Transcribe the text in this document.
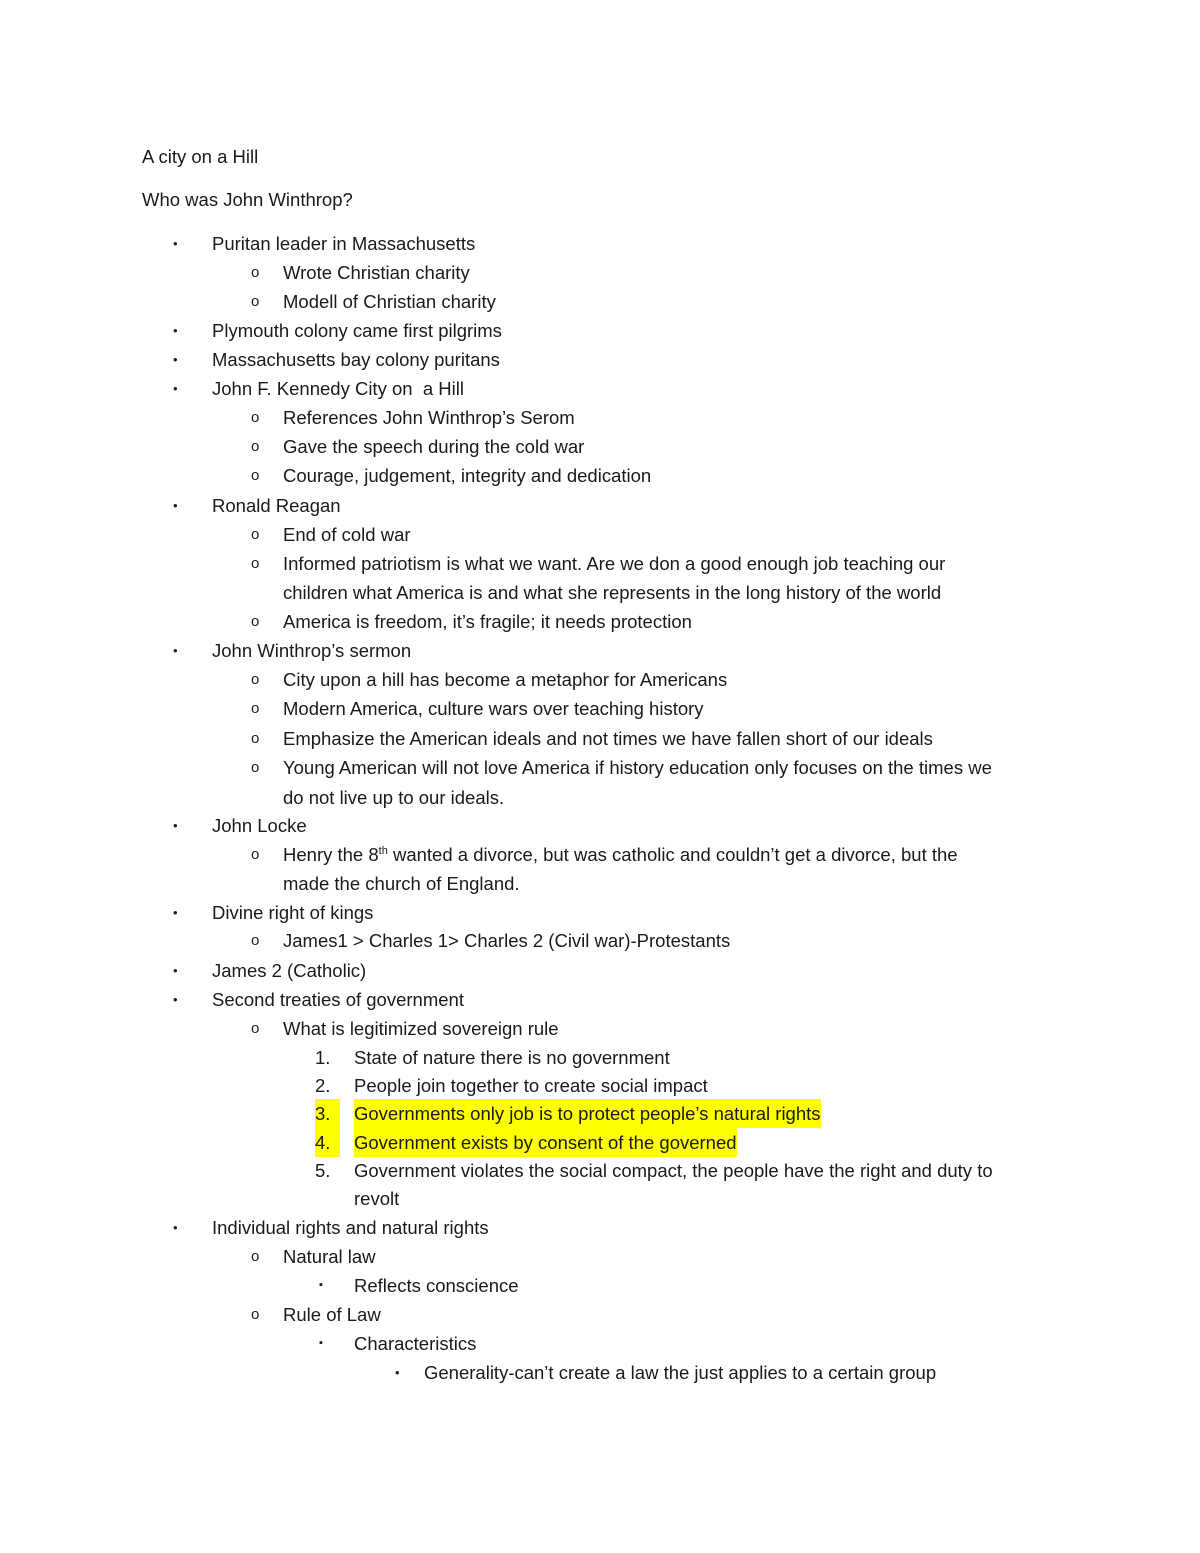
A city on a Hill
Who was John Winthrop?
• Puritan leader in Massachusetts
o Wrote Christian charity
o Modell of Christian charity
• Plymouth colony came first pilgrims
• Massachusetts bay colony puritans
• John F. Kennedy City on  a Hill
o References John Winthrop’s Serom
o Gave the speech during the cold war
o Courage, judgement, integrity and dedication
• Ronald Reagan
o End of cold war
o Informed patriotism is what we want. Are we don a good enough job teaching our
children what America is and what she represents in the long history of the world
o America is freedom, it’s fragile; it needs protection
• John Winthrop’s sermon
o City upon a hill has become a metaphor for Americans
o Modern America, culture wars over teaching history
o Emphasize the American ideals and not times we have fallen short of our ideals
o Young American will not love America if history education only focuses on the times we
do not live up to our ideals.
• John Locke
o Henry the 8th wanted a divorce, but was catholic and couldn’t get a divorce, but the
made the church of England.
• Divine right of kings
o James1 > Charles 1> Charles 2 (Civil war)-Protestants
• James 2 (Catholic)
• Second treaties of government
o What is legitimized sovereign rule
1. State of nature there is no government
2. People join together to create social impact
3.	Governments only job is to protect people’s natural rights
4.	Government exists by consent of the governed
5. Government violates the social compact, the people have the right and duty to
revolt
• Individual rights and natural rights
o Natural law
▪ Reflects conscience
o Rule of Law
▪ Characteristics
• Generality-can’t create a law the just applies to a certain group
